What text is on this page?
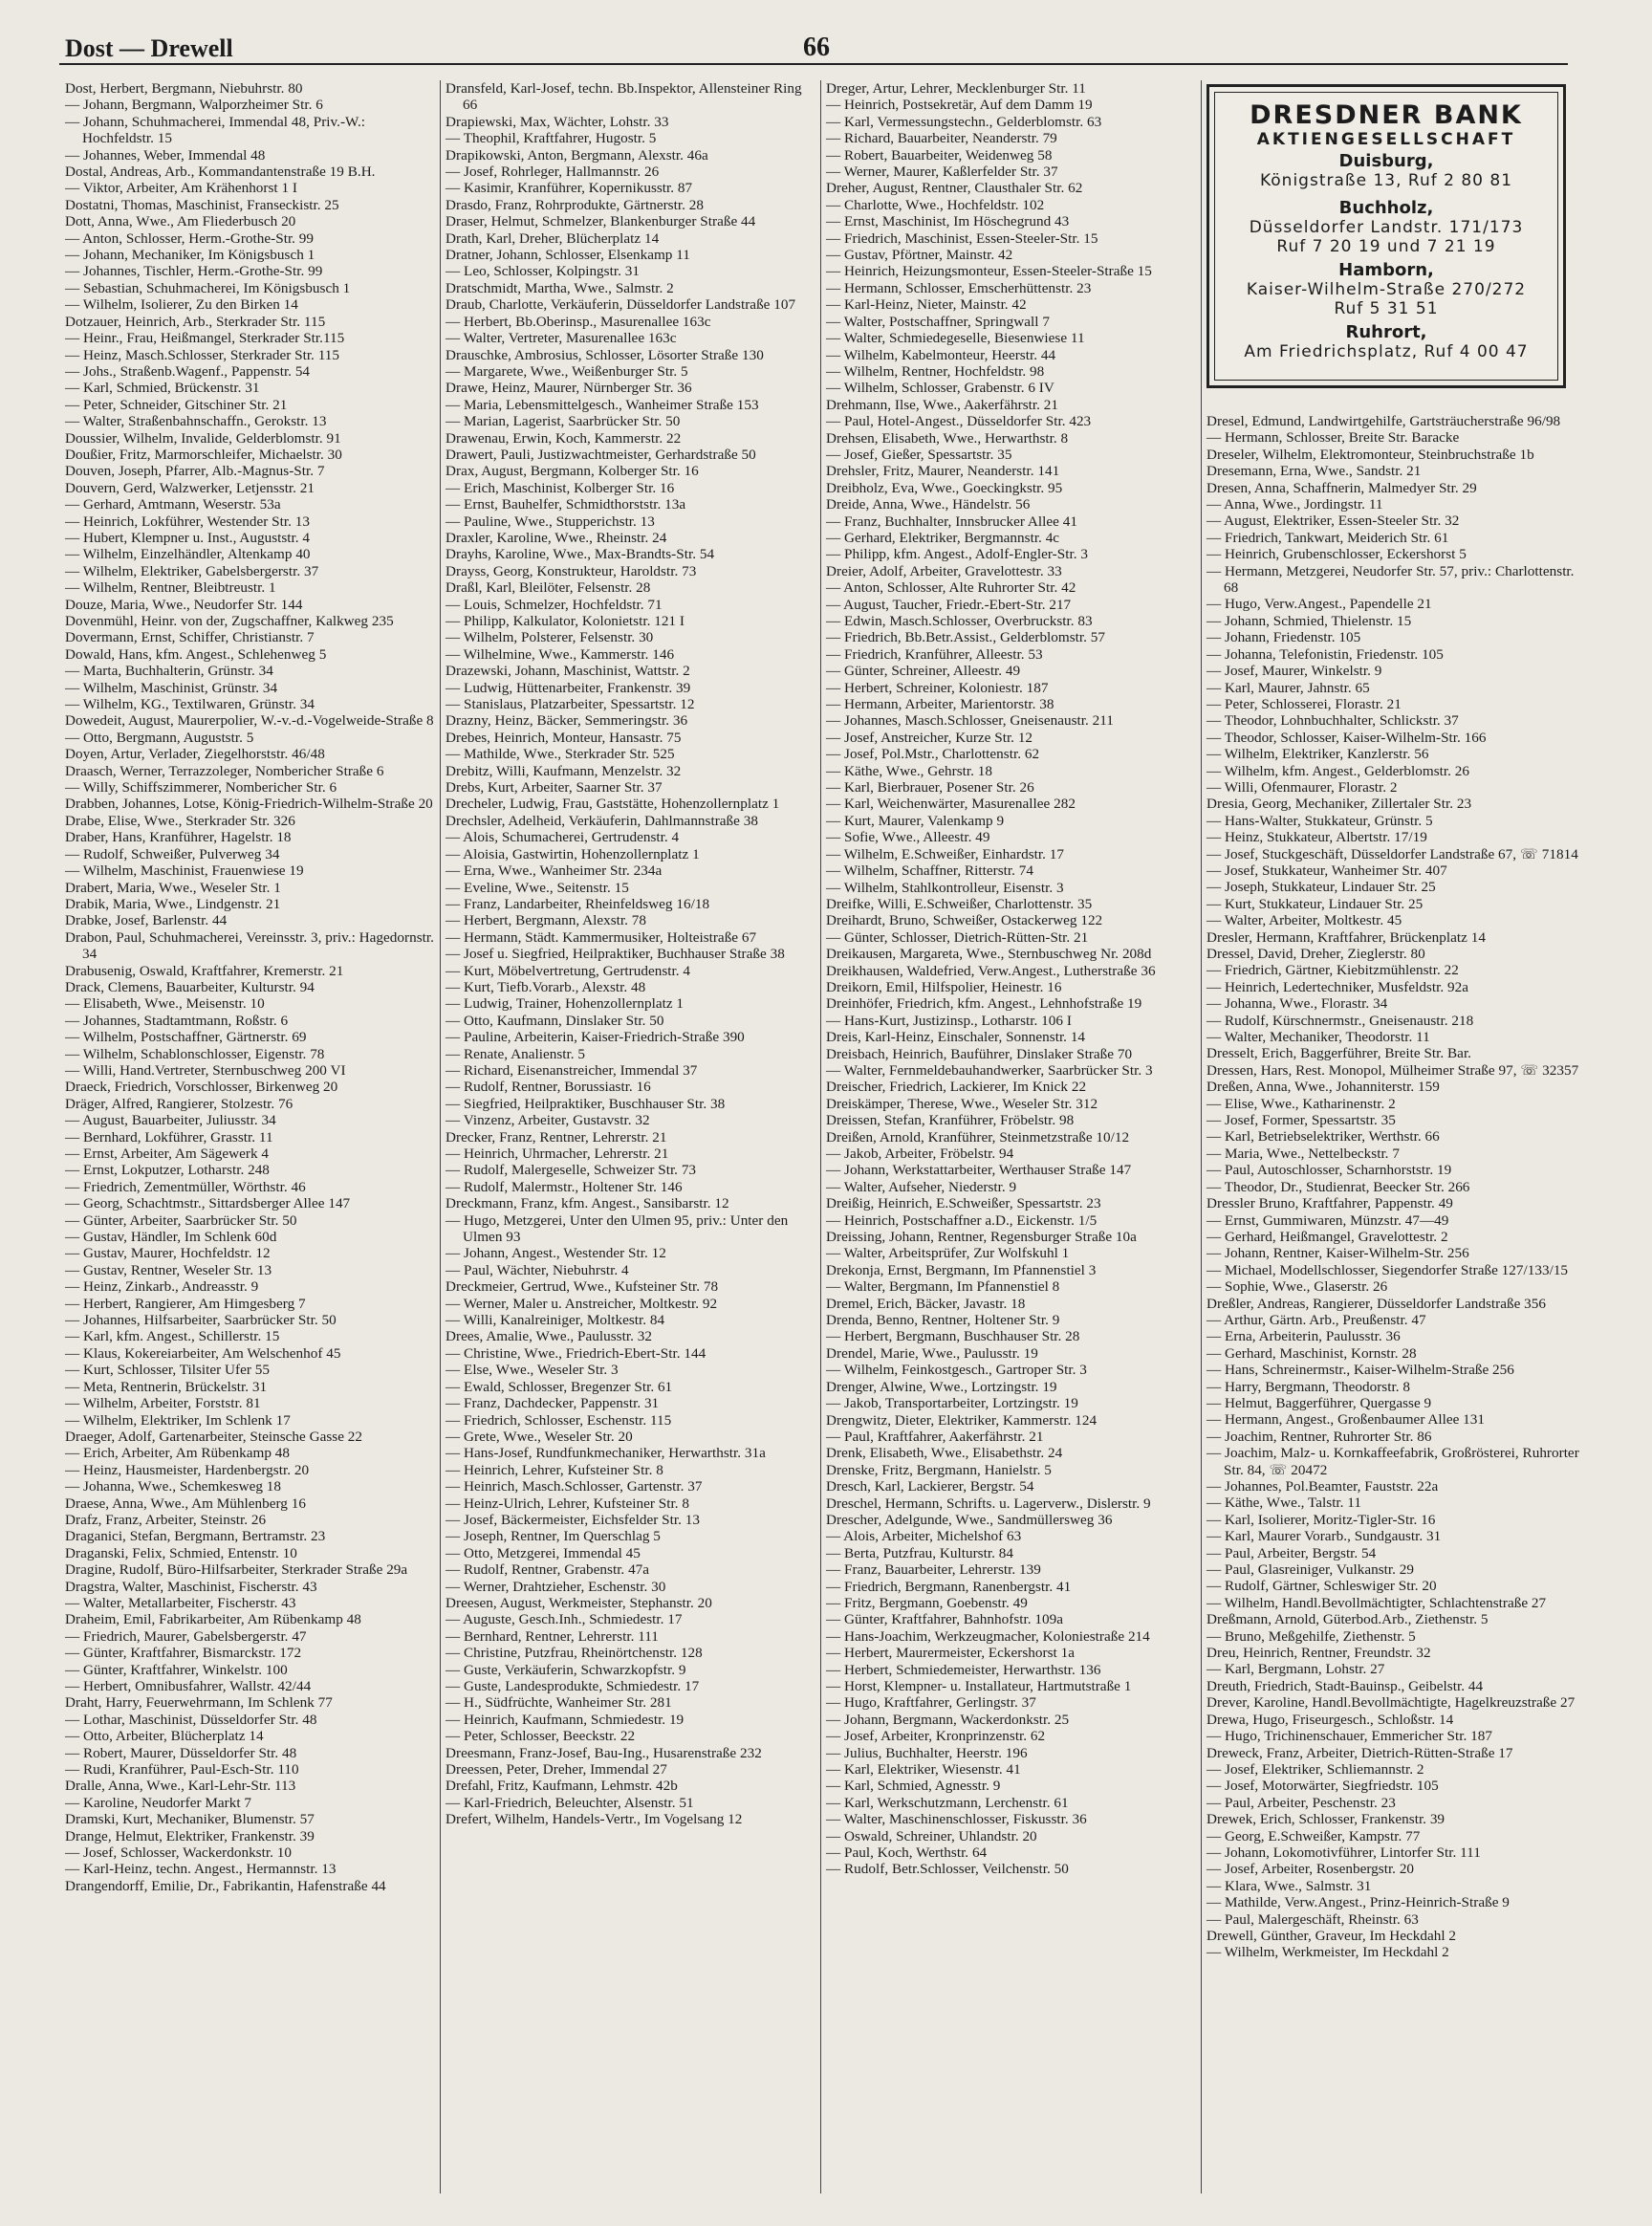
Dost — Drewell	66
Dost, Herbert, Bergmann, Niebuhrstr. 80
— Johann, Bergmann, Walporzheimer Str. 6
— Johann, Schuhmacherei, Immendal 48, Priv.-W.: Hochfeldstr. 15
— Johannes, Weber, Immendal 48
Dostal, Andreas, Arb., Kommandantenstraße 19 B.H.
— Viktor, Arbeiter, Am Krähenhorst 1 I
Dostatni, Thomas, Maschinist, Franseckistr. 25
Dott, Anna, Wwe., Am Fliederbusch 20
— Anton, Schlosser, Herm.-Grothe-Str. 99
— Johann, Mechaniker, Im Königsbusch 1
— Johannes, Tischler, Herm.-Grothe-Str. 99
— Sebastian, Schuhmacherei, Im Königsbusch 1
— Wilhelm, Isolierer, Zu den Birken 14
Dotzauer, Heinrich, Arb., Sterkrader Str. 115
— Heinr., Frau, Heißmangel, Sterkrader Str.115
— Heinz, Masch.Schlosser, Sterkrader Str. 115
— Johs., Straßenb.Wagenf., Pappenstr. 54
— Karl, Schmied, Brückenstr. 31
— Peter, Schneider, Gitschiner Str. 21
— Walter, Straßenbahnschaffn., Gerokstr. 13
Doussier, Wilhelm, Invalide, Gelderblomstr. 91
Doußier, Fritz, Marmorschleifer, Michaelstr. 30
Douven, Joseph, Pfarrer, Alb.-Magnus-Str. 7
Douvern, Gerd, Walzwerker, Letjensstr. 21
— Gerhard, Amtmann, Weserstr. 53a
— Heinrich, Lokführer, Westender Str. 13
— Hubert, Klempner u. Inst., Auguststr. 4
— Wilhelm, Einzelhändler, Altenkamp 40
— Wilhelm, Elektriker, Gabelsbergerstr. 37
— Wilhelm, Rentner, Bleibtreustr. 1
Douze, Maria, Wwe., Neudorfer Str. 144
Dovenmühl, Heinr. von der, Zugschaffner, Kalkweg 235
Dovermann, Ernst, Schiffer, Christianstr. 7
Dowald, Hans, kfm. Angest., Schlehenweg 5
— Marta, Buchhalterin, Grünstr. 34
— Wilhelm, Maschinist, Grünstr. 34
— Wilhelm, KG., Textilwaren, Grünstr. 34
Dowedeit, August, Maurerpolier, W.-v.-d.-Vogelweide-Straße 8
— Otto, Bergmann, Auguststr. 5
Doyen, Artur, Verlader, Ziegelhorststr. 46/48
Draasch, Werner, Terrazzoleger, Nombericher Straße 6
— Willy, Schiffszimmerer, Nombericher Str. 6
Drabben, Johannes, Lotse, König-Friedrich-Wilhelm-Straße 20
Drabe, Elise, Wwe., Sterkrader Str. 326
Draber, Hans, Kranführer, Hagelstr. 18
— Rudolf, Schweißer, Pulverweg 34
— Wilhelm, Maschinist, Frauenwiese 19
Drabert, Maria, Wwe., Weseler Str. 1
Drabik, Maria, Wwe., Lindgenstr. 21
Drabke, Josef, Barlenstr. 44
Drabon, Paul, Schuhmacherei, Vereinsstr. 3, priv.: Hagedornstr. 34
Drabusenig, Oswald, Kraftfahrer, Kremerstr. 21
Drack, Clemens, Bauarbeiter, Kulturstr. 94
— Elisabeth, Wwe., Meisenstr. 10
— Johannes, Stadtamtmann, Roßstr. 6
— Wilhelm, Postschaffner, Gärtnerstr. 69
— Wilhelm, Schablonschlosser, Eigenstr. 78
— Willi, Hand.Vertreter, Sternbuschweg 200 VI
Draeck, Friedrich, Vorschlosser, Birkenweg 20
Dräger, Alfred, Rangierer, Stolzestr. 76
— August, Bauarbeiter, Juliusstr. 34
— Bernhard, Lokführer, Grasstr. 11
— Ernst, Arbeiter, Am Sägewerk 4
— Ernst, Lokputzer, Lotharstr. 248
— Friedrich, Zementmüller, Wörthstr. 46
— Georg, Schachtmstr., Sittardsberger Allee 147
— Günter, Arbeiter, Saarbrücker Str. 50
— Gustav, Händler, Im Schlenk 60d
— Gustav, Maurer, Hochfeldstr. 12
— Gustav, Rentner, Weseler Str. 13
— Heinz, Zinkarb., Andreasstr. 9
— Herbert, Rangierer, Am Himgesberg 7
— Johannes, Hilfsarbeiter, Saarbrücker Str. 50
— Karl, kfm. Angest., Schillerstr. 15
— Klaus, Kokereiarbeiter, Am Welschenhof 45
— Kurt, Schlosser, Tilsiter Ufer 55
— Meta, Rentnerin, Brückelstr. 31
— Wilhelm, Arbeiter, Forststr. 81
— Wilhelm, Elektriker, Im Schlenk 17
Draeger, Adolf, Gartenarbeiter, Steinsche Gasse 22
— Erich, Arbeiter, Am Rübenkamp 48
— Heinz, Hausmeister, Hardenbergstr. 20
— Johanna, Wwe., Schemkesweg 18
Draese, Anna, Wwe., Am Mühlenberg 16
Drafz, Franz, Arbeiter, Steinstr. 26
Draganici, Stefan, Bergmann, Bertramstr. 23
Draganski, Felix, Schmied, Entenstr. 10
Dragine, Rudolf, Büro-Hilfsarbeiter, Sterkrader Straße 29a
Dragstra, Walter, Maschinist, Fischerstr. 43
— Walter, Metallarbeiter, Fischerstr. 43
Draheim, Emil, Fabrikarbeiter, Am Rübenkamp 48
— Friedrich, Maurer, Gabelsbergerstr. 47
— Günter, Kraftfahrer, Bismarckstr. 172
— Günter, Kraftfahrer, Winkelstr. 100
— Herbert, Omnibusfahrer, Wallstr. 42/44
Draht, Harry, Feuerwehrmann, Im Schlenk 77
— Lothar, Maschinist, Düsseldorfer Str. 48
— Otto, Arbeiter, Blücherplatz 14
— Robert, Maurer, Düsseldorfer Str. 48
— Rudi, Kranführer, Paul-Esch-Str. 110
Dralle, Anna, Wwe., Karl-Lehr-Str. 113
— Karoline, Neudorfer Markt 7
Dramski, Kurt, Mechaniker, Blumenstr. 57
Drange, Helmut, Elektriker, Frankenstr. 39
— Josef, Schlosser, Wackerdonkstr. 10
— Karl-Heinz, techn. Angest., Hermannstr. 13
Drangendorff, Emilie, Dr., Fabrikantin, Hafenstraße 44
Dransfeld, Karl-Josef, techn. Bb.Inspektor, Allensteiner Ring 66
Drapiewski, Max, Wächter, Lohstr. 33
— Theophil, Kraftfahrer, Hugostr. 5
Drapikowski, Anton, Bergmann, Alexstr. 46a
— Josef, Rohrleger, Hallmannstr. 26
— Kasimir, Kranführer, Kopernikusstr. 87
Drasdo, Franz, Rohrprodukte, Gärtnerstr. 28
Draser, Helmut, Schmelzer, Blankenburger Straße 44
Drath, Karl, Dreher, Blücherplatz 14
Dratner, Johann, Schlosser, Elsenkamp 11
— Leo, Schlosser, Kolpingstr. 31
Dratschmidt, Martha, Wwe., Salmstr. 2
Draub, Charlotte, Verkäuferin, Düsseldorfer Landstraße 107
— Herbert, Bb.Oberinsp., Masurenallee 163c
— Walter, Vertreter, Masurenallee 163c
Drauschke, Ambrosius, Schlosser, Lösorter Straße 130
— Margarete, Wwe., Weißenburger Str. 5
Drawe, Heinz, Maurer, Nürnberger Str. 36
— Maria, Lebensmittelgesch., Wanheimer Straße 153
— Marian, Lagerist, Saarbrücker Str. 50
Drawenau, Erwin, Koch, Kammerstr. 22
Drawert, Pauli, Justizwachtmeister, Gerhardstraße 50
Drax, August, Bergmann, Kolberger Str. 16
— Erich, Maschinist, Kolberger Str. 16
— Ernst, Bauhelfer, Schmidthorststr. 13a
— Pauline, Wwe., Stupperichstr. 13
Draxler, Karoline, Wwe., Rheinstr. 24
Drayhs, Karoline, Wwe., Max-Brandts-Str. 54
Drayss, Georg, Konstrukteur, Haroldstr. 73
Draßl, Karl, Bleilöter, Felsenstr. 28
— Louis, Schmelzer, Hochfeldstr. 71
— Philipp, Kalkulator, Kolonietstr. 121 I
— Wilhelm, Polsterer, Felsenstr. 30
— Wilhelmine, Wwe., Kammerstr. 146
Drazewski, Johann, Maschinist, Wattstr. 2
— Ludwig, Hüttenarbeiter, Frankenstr. 39
— Stanislaus, Platzarbeiter, Spessartstr. 12
Drazny, Heinz, Bäcker, Semmeringstr. 36
Drebes, Heinrich, Monteur, Hansastr. 75
— Mathilde, Wwe., Sterkrader Str. 525
Drebitz, Willi, Kaufmann, Menzelstr. 32
Drebs, Kurt, Arbeiter, Saarner Str. 37
Drecheler, Ludwig, Frau, Gaststätte, Hohenzollernplatz 1
Drechsler, Adelheid, Verkäuferin, Dahlmannstraße 38
— Alois, Schumacherei, Gertrudenstr. 4
— Aloisia, Gastwirtin, Hohenzollernplatz 1
— Erna, Wwe., Wanheimer Str. 234a
— Eveline, Wwe., Seitenstr. 15
— Franz, Landarbeiter, Rheinfeldsweg 16/18
— Herbert, Bergmann, Alexstr. 78
— Hermann, Städt. Kammermusiker, Holteistraße 67
— Josef u. Siegfried, Heilpraktiker, Buchhauser Straße 38
— Kurt, Möbelvertretung, Gertrudenstr. 4
— Kurt, Tiefb.Vorarb., Alexstr. 48
— Ludwig, Trainer, Hohenzollernplatz 1
— Otto, Kaufmann, Dinslaker Str. 50
— Pauline, Arbeiterin, Kaiser-Friedrich-Straße 390
— Renate, Analienstr. 5
— Richard, Eisenanstreicher, Immendal 37
— Rudolf, Rentner, Borussiastr. 16
— Siegfried, Heilpraktiker, Buschhauser Str. 38
— Vinzenz, Arbeiter, Gustavstr. 32
Drecker, Franz, Rentner, Lehrerstr. 21
— Heinrich, Uhrmacher, Lehrerstr. 21
— Rudolf, Malergeselle, Schweizer Str. 73
— Rudolf, Malermstr., Holtener Str. 146
Dreckmann, Franz, kfm. Angest., Sansibarstr. 12
— Hugo, Metzgerei, Unter den Ulmen 95, priv.: Unter den Ulmen 93
— Johann, Angest., Westender Str. 12
— Paul, Wächter, Niebuhrstr. 4
Dreckmeier, Gertrud, Wwe., Kufsteiner Str. 78
— Werner, Maler u. Anstreicher, Moltkestr. 92
— Willi, Kanalreiniger, Moltkestr. 84
Drees, Amalie, Wwe., Paulusstr. 32
— Christine, Wwe., Friedrich-Ebert-Str. 144
— Else, Wwe., Weseler Str. 3
— Ewald, Schlosser, Bregenzer Str. 61
— Franz, Dachdecker, Pappenstr. 31
— Friedrich, Schlosser, Eschenstr. 115
— Grete, Wwe., Weseler Str. 20
— Hans-Josef, Rundfunkmechaniker, Herwarthstr. 31a
— Heinrich, Lehrer, Kufsteiner Str. 8
— Heinrich, Masch.Schlosser, Gartenstr. 37
— Heinz-Ulrich, Lehrer, Kufsteiner Str. 8
— Josef, Bäckermeister, Eichsfelder Str. 13
— Joseph, Rentner, Im Querschlag 5
— Otto, Metzgerei, Immendal 45
— Rudolf, Rentner, Grabenstr. 47a
— Werner, Drahtzieher, Eschenstr. 30
Dreesen, August, Werkmeister, Stephanstr. 20
— Auguste, Gesch.Inh., Schmiedestr. 17
— Bernhard, Rentner, Lehrerstr. 111
— Christine, Putzfrau, Rheinörtchenstr. 128
— Guste, Verkäuferin, Schwarzkopfstr. 9
— Guste, Landesprodukte, Schmiedestr. 17
— H., Südfrüchte, Wanheimer Str. 281
— Heinrich, Kaufmann, Schmiedestr. 19
— Peter, Schlosser, Beeckstr. 22
Dreesmann, Franz-Josef, Bau-Ing., Husarenstraße 232
Dreessen, Peter, Dreher, Immendal 27
Drefahl, Fritz, Kaufmann, Lehmstr. 42b
— Karl-Friedrich, Beleuchter, Alsenstr. 51
Drefert, Wilhelm, Handels-Vertr., Im Vogelsang 12
Dreger, Artur, Lehrer, Mecklenburger Str. 11
— Heinrich, Postsekretär, Auf dem Damm 19
— Karl, Vermessungstechn., Gelderblomstr. 63
— Richard, Bauarbeiter, Neanderstr. 79
— Robert, Bauarbeiter, Weidenweg 58
— Werner, Maurer, Kaßlerfelder Str. 37
Dreher, August, Rentner, Clausthaler Str. 62
— Charlotte, Wwe., Hochfeldstr. 102
— Ernst, Maschinist, Im Höschegrund 43
— Friedrich, Maschinist, Essen-Steeler-Str. 15
— Gustav, Pförtner, Mainstr. 42
— Heinrich, Heizungsmonteur, Essen-Steeler-Straße 15
— Hermann, Schlosser, Emscherhüttenstr. 23
— Karl-Heinz, Nieter, Mainstr. 42
— Walter, Postschaffner, Springwall 7
— Walter, Schmiedegeselle, Biesenwiese 11
— Wilhelm, Kabelmonteur, Heerstr. 44
— Wilhelm, Rentner, Hochfeldstr. 98
— Wilhelm, Schlosser, Grabenstr. 6 IV
Drehmann, Ilse, Wwe., Aakerfährstr. 21
— Paul, Hotel-Angest., Düsseldorfer Str. 423
Drehsen, Elisabeth, Wwe., Herwarthstr. 8
— Josef, Gießer, Spessartstr. 35
Drehsler, Fritz, Maurer, Neanderstr. 141
Dreibholz, Eva, Wwe., Goeckingkstr. 95
Dreide, Anna, Wwe., Händelstr. 56
— Franz, Buchhalter, Innsbrucker Allee 41
— Gerhard, Elektriker, Bergmannstr. 4c
— Philipp, kfm. Angest., Adolf-Engler-Str. 3
Dreier, Adolf, Arbeiter, Gravelottestr. 33
— Anton, Schlosser, Alte Ruhrorter Str. 42
— August, Taucher, Friedr.-Ebert-Str. 217
— Edwin, Masch.Schlosser, Overbruckstr. 83
— Friedrich, Bb.Betr.Assist., Gelderblomstr. 57
— Friedrich, Kranführer, Alleestr. 53
— Günter, Schreiner, Alleestr. 49
— Herbert, Schreiner, Koloniestr. 187
— Hermann, Arbeiter, Marientorstr. 38
— Johannes, Masch.Schlosser, Gneisenaustr. 211
— Josef, Anstreicher, Kurze Str. 12
— Josef, Pol.Mstr., Charlottenstr. 62
— Käthe, Wwe., Gehrstr. 18
— Karl, Bierbrauer, Posener Str. 26
— Karl, Weichenwärter, Masurenallee 282
— Kurt, Maurer, Valenkamp 9
— Sofie, Wwe., Alleestr. 49
— Wilhelm, E.Schweißer, Einhardstr. 17
— Wilhelm, Schaffner, Ritterstr. 74
— Wilhelm, Stahlkontrolleur, Eisenstr. 3
Dreifke, Willi, E.Schweißer, Charlottenstr. 35
Dreihardt, Bruno, Schweißer, Ostackerweg 122
— Günter, Schlosser, Dietrich-Rütten-Str. 21
Dreikausen, Margareta, Wwe., Sternbuschweg Nr. 208d
Dreikhausen, Waldefried, Verw.Angest., Lutherstraße 36
Dreikorn, Emil, Hilfspolier, Heinestr. 16
Dreinhöfer, Friedrich, kfm. Angest., Lehnhofstraße 19
— Hans-Kurt, Justizinsp., Lotharstr. 106 I
Dreis, Karl-Heinz, Einschaler, Sonnenstr. 14
Dreisbach, Heinrich, Bauführer, Dinslaker Straße 70
— Walter, Fernmeldebauhandwerker, Saarbrücker Str. 3
Dreischer, Friedrich, Lackierer, Im Knick 22
Dreiskämper, Therese, Wwe., Weseler Str. 312
Dreissen, Stefan, Kranführer, Fröbelstr. 98
Dreißen, Arnold, Kranführer, Steinmetzstraße 10/12
— Jakob, Arbeiter, Fröbelstr. 94
— Johann, Werkstattarbeiter, Werthauser Straße 147
— Walter, Aufseher, Niederstr. 9
Dreißig, Heinrich, E.Schweißer, Spessartstr. 23
— Heinrich, Postschaffner a.D., Eickenstr. 1/5
Dreissing, Johann, Rentner, Regensburger Straße 10a
— Walter, Arbeitsprüfer, Zur Wolfskuhl 1
Drekonja, Ernst, Bergmann, Im Pfannenstiel 3
— Walter, Bergmann, Im Pfannenstiel 8
Dremel, Erich, Bäcker, Javastr. 18
Drenda, Benno, Rentner, Holtener Str. 9
— Herbert, Bergmann, Buschhauser Str. 28
Drendel, Marie, Wwe., Paulusstr. 19
— Wilhelm, Feinkostgesch., Gartroper Str. 3
Drenger, Alwine, Wwe., Lortzingstr. 19
— Jakob, Transportarbeiter, Lortzingstr. 19
Drengwitz, Dieter, Elektriker, Kammerstr. 124
— Paul, Kraftfahrer, Aakerfährstr. 21
Drenk, Elisabeth, Wwe., Elisabethstr. 24
Drenske, Fritz, Bergmann, Hanielstr. 5
Dresch, Karl, Lackierer, Bergstr. 54
Dreschel, Hermann, Schrifts. u. Lagerverw., Dislerstr. 9
Drescher, Adelgunde, Wwe., Sandmüllersweg 36
— Alois, Arbeiter, Michelshof 63
— Berta, Putzfrau, Kulturstr. 84
— Franz, Bauarbeiter, Lehrerstr. 139
— Friedrich, Bergmann, Ranenbergstr. 41
— Fritz, Bergmann, Goebenstr. 49
— Günter, Kraftfahrer, Bahnhofstr. 109a
— Hans-Joachim, Werkzeugmacher, Koloniestraße 214
— Herbert, Maurermeister, Eckershorst 1a
— Herbert, Schmiedemeister, Herwarthstr. 136
— Horst, Klempner- u. Installateur, Hartmutstraße 1
— Hugo, Kraftfahrer, Gerlingstr. 37
— Johann, Bergmann, Wackerdonkstr. 25
— Josef, Arbeiter, Kronprinzenstr. 62
— Julius, Buchhalter, Heerstr. 196
— Karl, Elektriker, Wiesenstr. 41
— Karl, Schmied, Agnesstr. 9
— Karl, Werkschutzmann, Lerchenstr. 61
— Walter, Maschinenschlosser, Fiskusstr. 36
— Oswald, Schreiner, Uhlandstr. 20
— Paul, Koch, Werthstr. 64
— Rudolf, Betr.Schlosser, Veilchenstr. 50
DRESDNER BANK
AKTIENGESELLSCHAFT
Duisburg,
Königstraße 13, Ruf 2 80 81
Buchholz,
Düsseldorfer Landstr. 171/173
Ruf 7 20 19 und 7 21 19
Hamborn,
Kaiser-Wilhelm-Straße 270/272
Ruf 5 31 51
Ruhrort,
Am Friedrichsplatz, Ruf 4 00 47
Dresel, Edmund, Landwirtgehilfe, Gartsträucherstraße 96/98
— Hermann, Schlosser, Breite Str. Baracke
Dreseler, Wilhelm, Elektromonteur, Steinbruchstraße 1b
Dresemann, Erna, Wwe., Sandstr. 21
Dresen, Anna, Schaffnerin, Malmedyer Str. 29
— Anna, Wwe., Jordingstr. 11
— August, Elektriker, Essen-Steeler Str. 32
— Friedrich, Tankwart, Meiderich Str. 61
— Heinrich, Grubenschlosser, Eckershorst 5
— Hermann, Metzgerei, Neudorfer Str. 57, priv.: Charlottenstr. 68
— Hugo, Verw.Angest., Papendelle 21
— Johann, Schmied, Thielenstr. 15
— Johann, Friedenstr. 105
— Johanna, Telefonistin, Friedenstr. 105
— Josef, Maurer, Winkelstr. 9
— Karl, Maurer, Jahnstr. 65
— Peter, Schlosserei, Florastr. 21
— Theodor, Lohnbuchhalter, Schlickstr. 37
— Theodor, Schlosser, Kaiser-Wilhelm-Str. 166
— Wilhelm, Elektriker, Kanzlerstr. 56
— Wilhelm, kfm. Angest., Gelderblomstr. 26
— Willi, Ofenmaurer, Florastr. 2
Dresia, Georg, Mechaniker, Zillertaler Str. 23
— Hans-Walter, Stukkateur, Grünstr. 5
— Heinz, Stukkateur, Albertstr. 17/19
— Josef, Stuckgeschäft, Düsseldorfer Landstraße 67, ☏ 71814
— Josef, Stukkateur, Wanheimer Str. 407
— Joseph, Stukkateur, Lindauer Str. 25
— Kurt, Stukkateur, Lindauer Str. 25
— Walter, Arbeiter, Moltkestr. 45
Dresler, Hermann, Kraftfahrer, Brückenplatz 14
Dressel, David, Dreher, Zieglerstr. 80
— Friedrich, Gärtner, Kiebitzmühlenstr. 22
— Heinrich, Ledertechniker, Musfeldstr. 92a
— Johanna, Wwe., Florastr. 34
— Rudolf, Kürschnermstr., Gneisenaustr. 218
— Walter, Mechaniker, Theodorstr. 11
Dresselt, Erich, Baggerführer, Breite Str. Bar.
Dressen, Hars, Rest. Monopol, Mülheimer Straße 97, ☏ 32357
Dreßen, Anna, Wwe., Johanniterstr. 159
— Elise, Wwe., Katharinenstr. 2
— Josef, Former, Spessartstr. 35
— Karl, Betriebselektriker, Werthstr. 66
— Maria, Wwe., Nettelbeckstr. 7
— Paul, Autoschlosser, Scharnhorststr. 19
— Theodor, Dr., Studienrat, Beecker Str. 266
Dressler Bruno, Kraftfahrer, Pappenstr. 49
— Ernst, Gummiwaren, Münzstr. 47—49
— Gerhard, Heißmangel, Gravelottestr. 2
— Johann, Rentner, Kaiser-Wilhelm-Str. 256
— Michael, Modellschlosser, Siegendorfer Straße 127/133/15
— Sophie, Wwe., Glaserstr. 26
Dreßler, Andreas, Rangierer, Düsseldorfer Landstraße 356
— Arthur, Gärtn. Arb., Preußenstr. 47
— Erna, Arbeiterin, Paulusstr. 36
— Gerhard, Maschinist, Kornstr. 28
— Hans, Schreinermstr., Kaiser-Wilhelm-Straße 256
— Harry, Bergmann, Theodorstr. 8
— Helmut, Baggerführer, Quergasse 9
— Hermann, Angest., Großenbaumer Allee 131
— Joachim, Rentner, Ruhrorter Str. 86
— Joachim, Malz- u. Kornkaffeefabrik, Großrösterei, Ruhrorter Str. 84, ☏ 20472
— Johannes, Pol.Beamter, Fauststr. 22a
— Käthe, Wwe., Talstr. 11
— Karl, Isolierer, Moritz-Tigler-Str. 16
— Karl, Maurer Vorarb., Sundgaustr. 31
— Paul, Arbeiter, Bergstr. 54
— Paul, Glasreiniger, Vulkanstr. 29
— Rudolf, Gärtner, Schleswiger Str. 20
— Wilhelm, Handl.Bevollmächtigter, Schlachtenstraße 27
Dreßmann, Arnold, Güterbod.Arb., Ziethenstr. 5
— Bruno, Meßgehilfe, Ziethenstr. 5
Dreu, Heinrich, Rentner, Freundstr. 32
— Karl, Bergmann, Lohstr. 27
Dreuth, Friedrich, Stadt-Bauinsp., Geibelstr. 44
Drever, Karoline, Handl.Bevollmächtigte, Hagelkreuzstraße 27
Drewa, Hugo, Friseurgesch., Schloßstr. 14
— Hugo, Trichinenschauer, Emmericher Str. 187
Dreweck, Franz, Arbeiter, Dietrich-Rütten-Straße 17
— Josef, Elektriker, Schliemannstr. 2
— Josef, Motorwärter, Siegfriedstr. 105
— Paul, Arbeiter, Peschenstr. 23
Drewek, Erich, Schlosser, Frankenstr. 39
— Georg, E.Schweißer, Kampstr. 77
— Johann, Lokomotivführer, Lintorfer Str. 111
— Josef, Arbeiter, Rosenbergstr. 20
— Klara, Wwe., Salmstr. 31
— Mathilde, Verw.Angest., Prinz-Heinrich-Straße 9
— Paul, Malergeschäft, Rheinstr. 63
Drewell, Günther, Graveur, Im Heckdahl 2
— Wilhelm, Werkmeister, Im Heckdahl 2
